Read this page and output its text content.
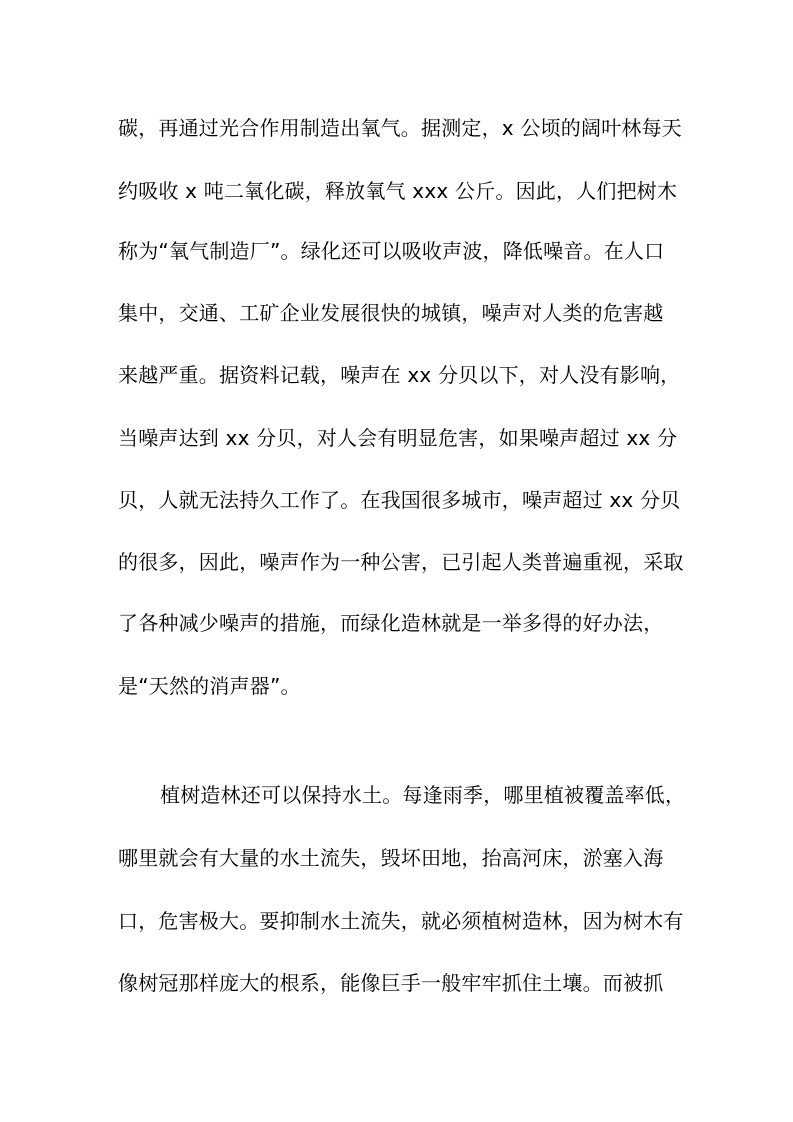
碳，再通过光合作用制造出氧气。据测定，x 公顷的阔叶林每天
约吸收 x 吨二氧化碳，释放氧气 xxx 公斤。因此，人们把树木
称为“氧气制造厂”。绿化还可以吸收声波，降低噪音。在人口
集中，交通、工矿企业发展很快的城镇，噪声对人类的危害越
来越严重。据资料记载，噪声在 xx 分贝以下，对人没有影响，
当噪声达到 xx 分贝，对人会有明显危害，如果噪声超过 xx 分
贝，人就无法持久工作了。在我国很多城市，噪声超过 xx 分贝
的很多，因此，噪声作为一种公害，已引起人类普遍重视，采取
了各种减少噪声的措施，而绿化造林就是一举多得的好办法，
是“天然的消声器”。
植树造林还可以保持水土。每逢雨季，哪里植被覆盖率低，
哪里就会有大量的水土流失，毁坏田地，抬高河床，淤塞入海
口，危害极大。要抑制水土流失，就必须植树造林，因为树木有
像树冠那样庞大的根系，能像巨手一般牢牢抓住土壤。而被抓
